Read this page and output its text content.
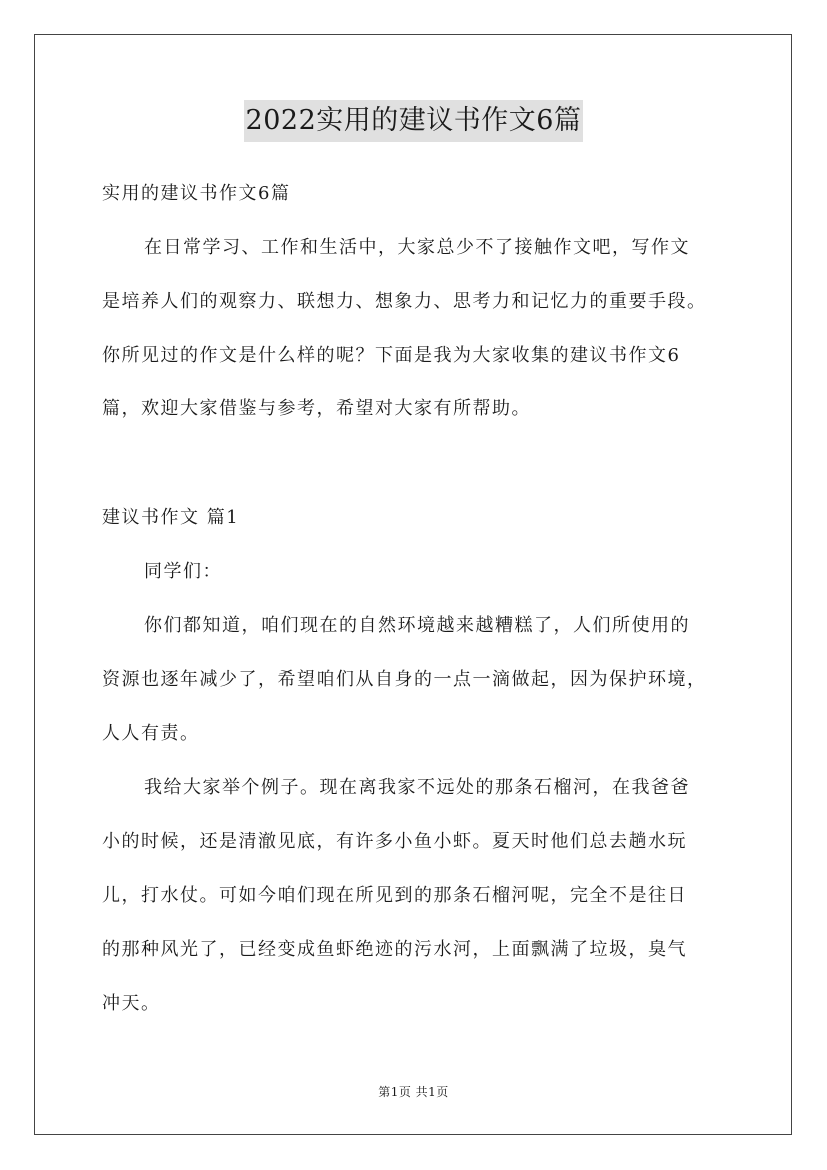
2022实用的建议书作文6篇
实用的建议书作文6篇
在日常学习、工作和生活中，大家总少不了接触作文吧，写作文
是培养人们的观察力、联想力、想象力、思考力和记忆力的重要手段。
你所见过的作文是什么样的呢？下面是我为大家收集的建议书作文6
篇，欢迎大家借鉴与参考，希望对大家有所帮助。
建议书作文 篇1
同学们：
你们都知道，咱们现在的自然环境越来越糟糕了，人们所使用的
资源也逐年减少了，希望咱们从自身的一点一滴做起，因为保护环境，
人人有责。
我给大家举个例子。现在离我家不远处的那条石榴河，在我爸爸
小的时候，还是清澈见底，有许多小鱼小虾。夏天时他们总去趟水玩
儿，打水仗。可如今咱们现在所见到的那条石榴河呢，完全不是往日
的那种风光了，已经变成鱼虾绝迹的污水河，上面飘满了垃圾，臭气
冲天。
第1页 共1页
